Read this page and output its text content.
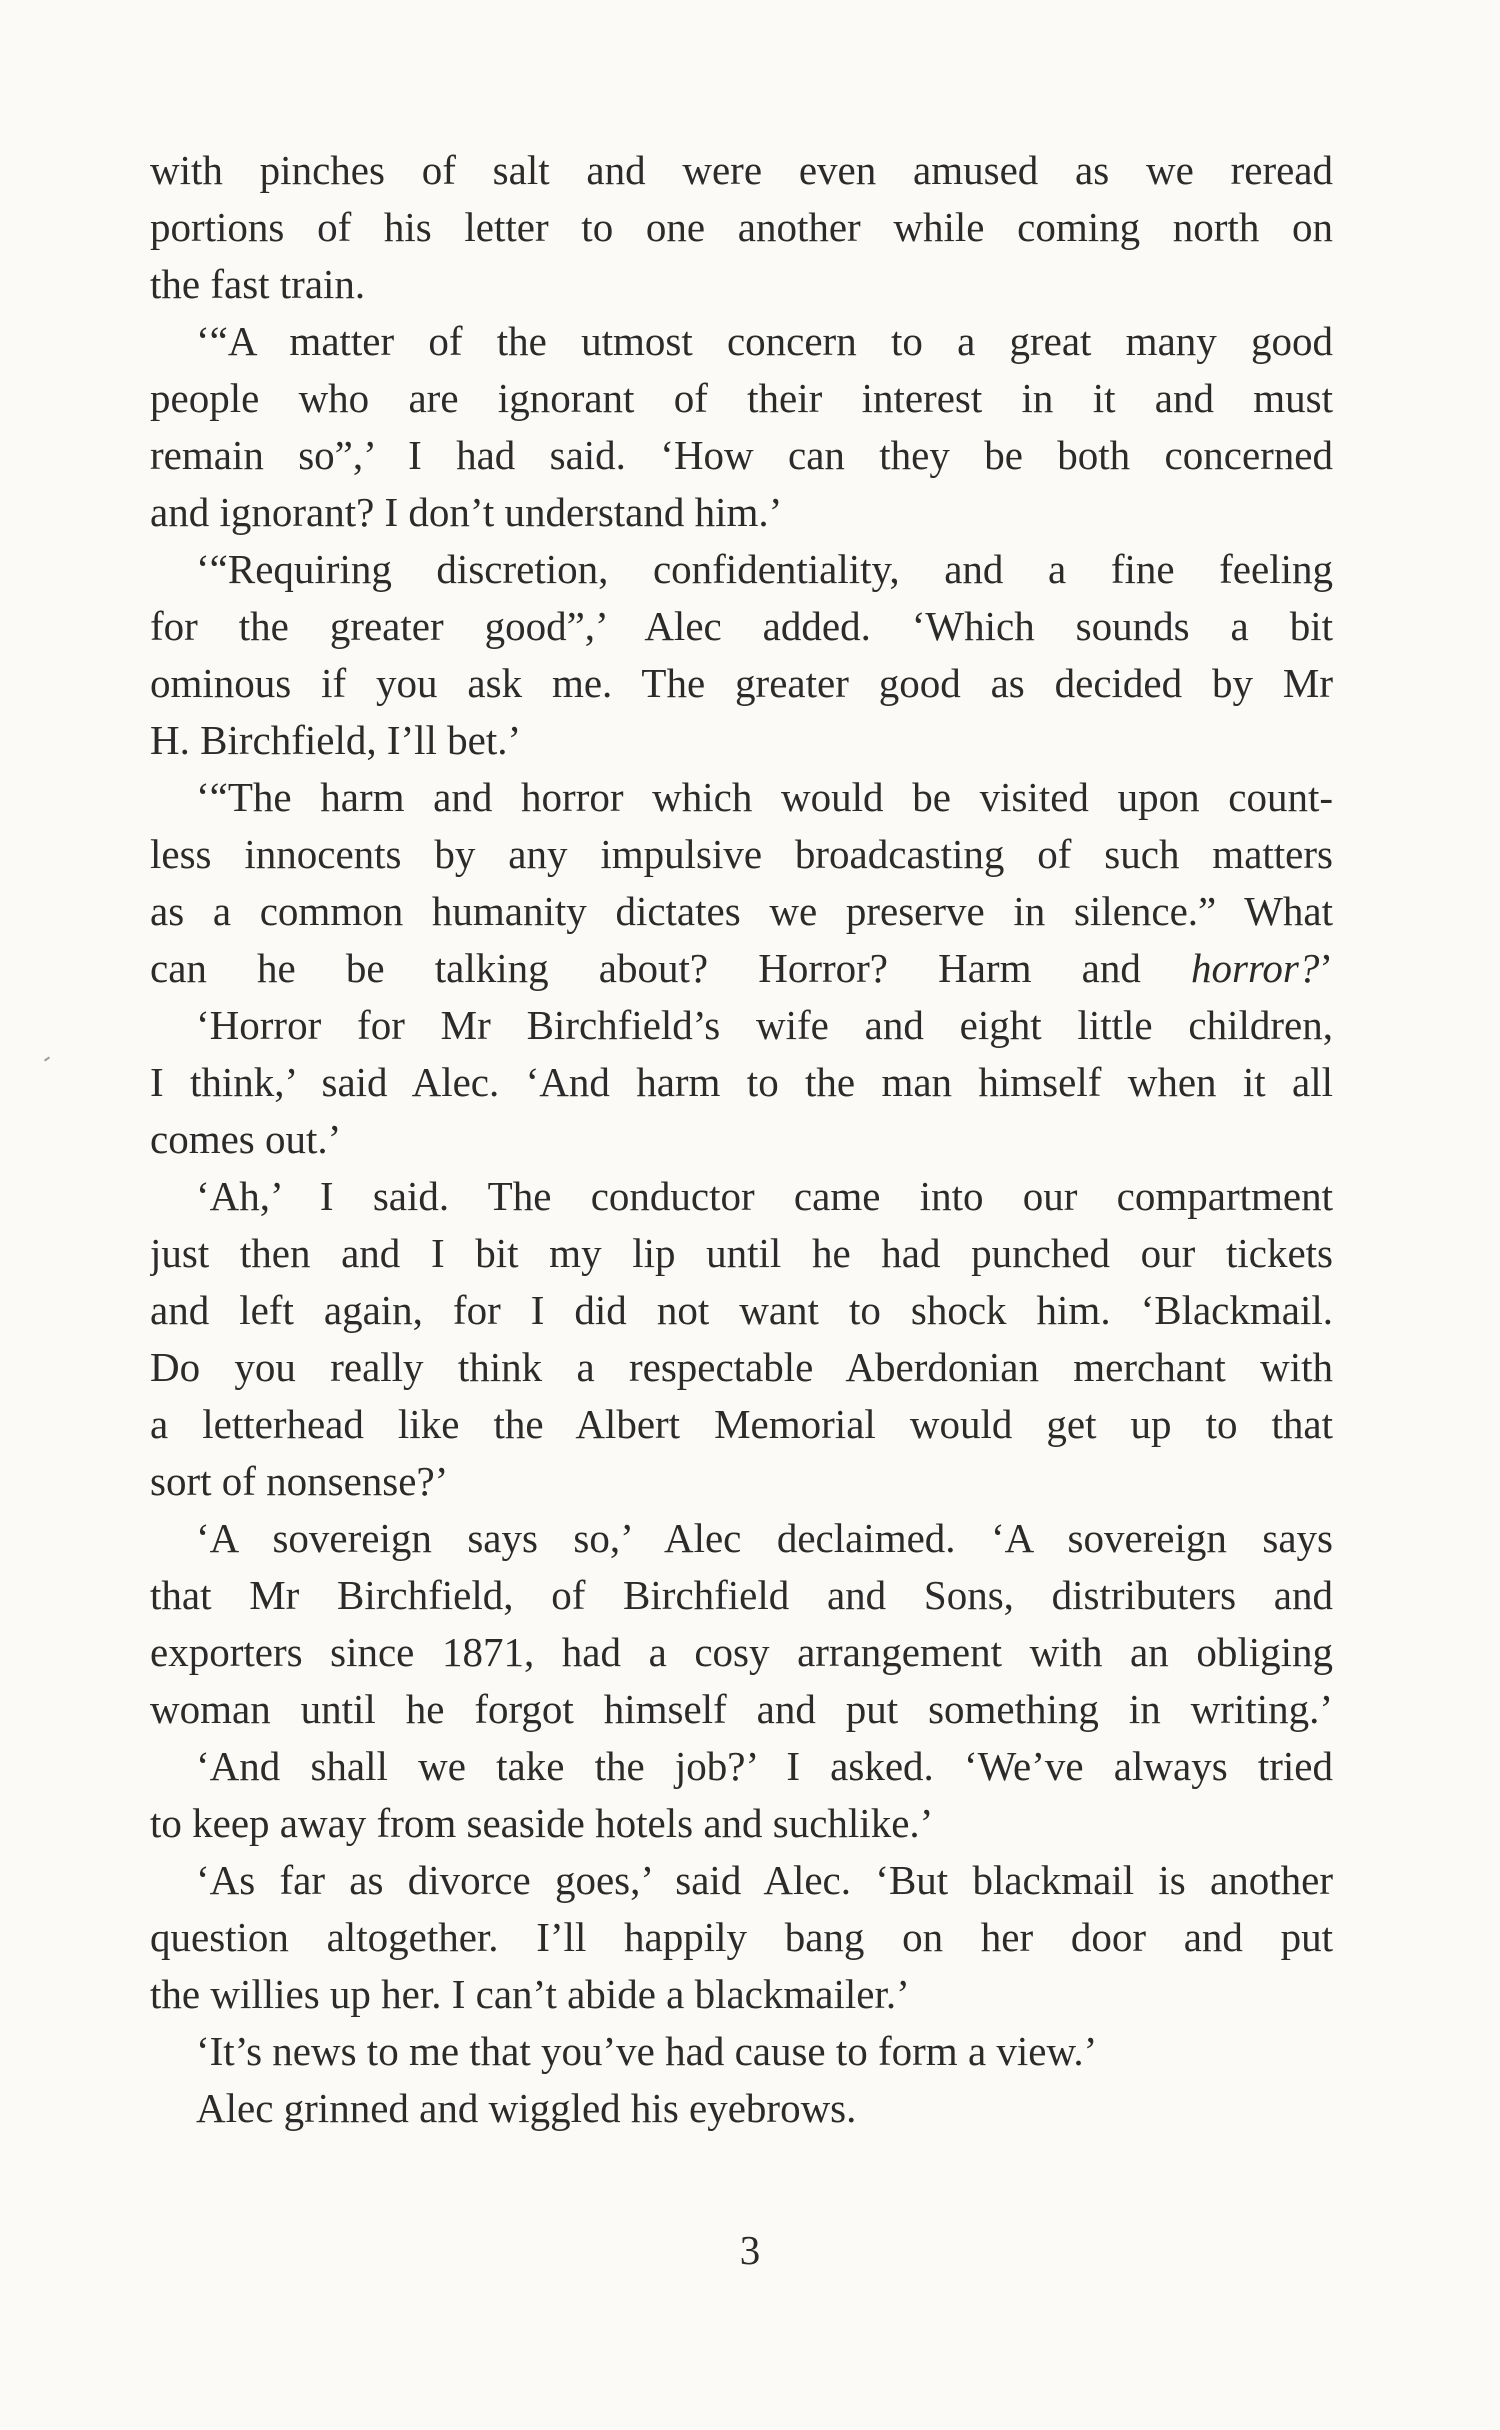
with pinches of salt and were even amused as we reread
portions of his letter to one another while coming north on
the fast train.
‘“A matter of the utmost concern to a great many good
people who are ignorant of their interest in it and must
remain so”,’ I had said. ‘How can they be both concerned
and ignorant? I don’t understand him.’
‘“Requiring discretion, confidentiality, and a fine feeling
for the greater good”,’ Alec added. ‘Which sounds a bit
ominous if you ask me. The greater good as decided by Mr
H. Birchfield, I’ll bet.’
‘“The harm and horror which would be visited upon count-
less innocents by any impulsive broadcasting of such matters
as a common humanity dictates we preserve in silence.” What
can he be talking about? Horror? Harm and horror?’
‘Horror for Mr Birchfield’s wife and eight little children,
I think,’ said Alec. ‘And harm to the man himself when it all
comes out.’
‘Ah,’ I said. The conductor came into our compartment
just then and I bit my lip until he had punched our tickets
and left again, for I did not want to shock him. ‘Blackmail.
Do you really think a respectable Aberdonian merchant with
a letterhead like the Albert Memorial would get up to that
sort of nonsense?’
‘A sovereign says so,’ Alec declaimed. ‘A sovereign says
that Mr Birchfield, of Birchfield and Sons, distributers and
exporters since 1871, had a cosy arrangement with an obliging
woman until he forgot himself and put something in writing.’
‘And shall we take the job?’ I asked. ‘We’ve always tried
to keep away from seaside hotels and suchlike.’
‘As far as divorce goes,’ said Alec. ‘But blackmail is another
question altogether. I’ll happily bang on her door and put
the willies up her. I can’t abide a blackmailer.’
‘It’s news to me that you’ve had cause to form a view.’
Alec grinned and wiggled his eyebrows.
3
